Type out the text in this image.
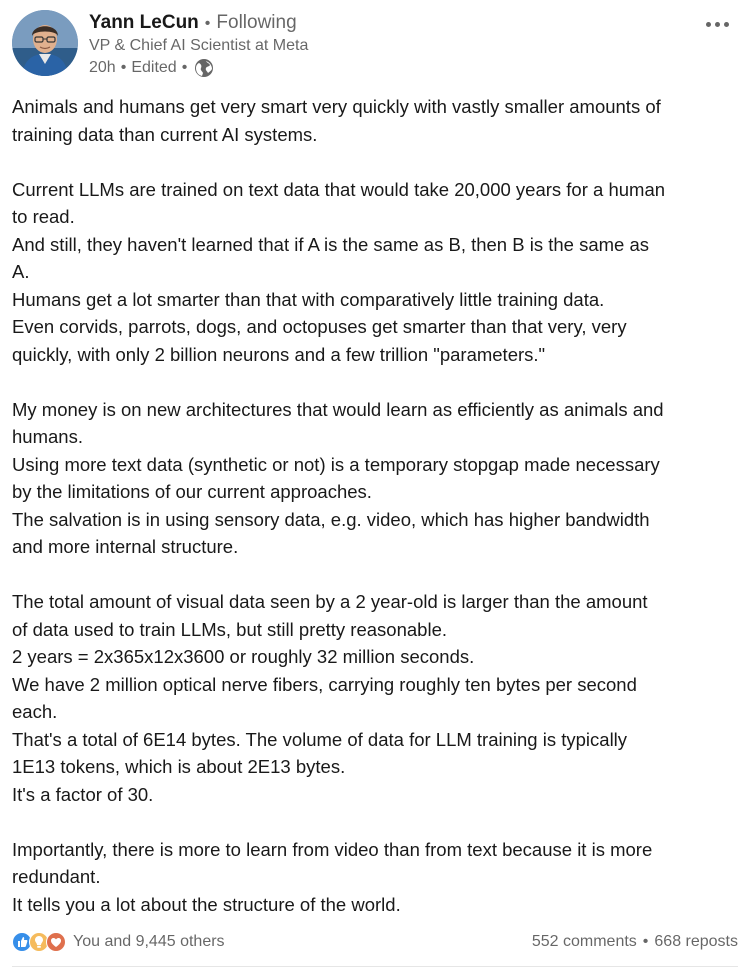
Yann LeCun • Following
VP & Chief AI Scientist at Meta
20h • Edited •

Animals and humans get very smart very quickly with vastly smaller amounts of

training data than current AI systems.

Current LLMs are trained on text data that would take 20,000 years for a human

to read.

And still, they haven't learned that if A is the same as B, then B is the same as

A.

Humans get a lot smarter than that with comparatively little training data.

Even corvids, parrots, dogs, and octopuses get smarter than that very, very

quickly, with only 2 billion neurons and a few trillion "parameters."

My money is on new architectures that would learn as efficiently as animals and

humans.

Using more text data (synthetic or not) is a temporary stopgap made necessary

by the limitations of our current approaches.

The salvation is in using sensory data, e.g. video, which has higher bandwidth

and more internal structure.

The total amount of visual data seen by a 2 year-old is larger than the amount

of data used to train LLMs, but still pretty reasonable.

2 years = 2x365x12x3600 or roughly 32 million seconds.

We have 2 million optical nerve fibers, carrying roughly ten bytes per second

each.

That's a total of 6E14 bytes. The volume of data for LLM training is typically

1E13 tokens, which is about 2E13 bytes.

It's a factor of 30.

Importantly, there is more to learn from video than from text because it is more

redundant.

It tells you a lot about the structure of the world.

You and 9,445 others	552 comments • 668 reposts
